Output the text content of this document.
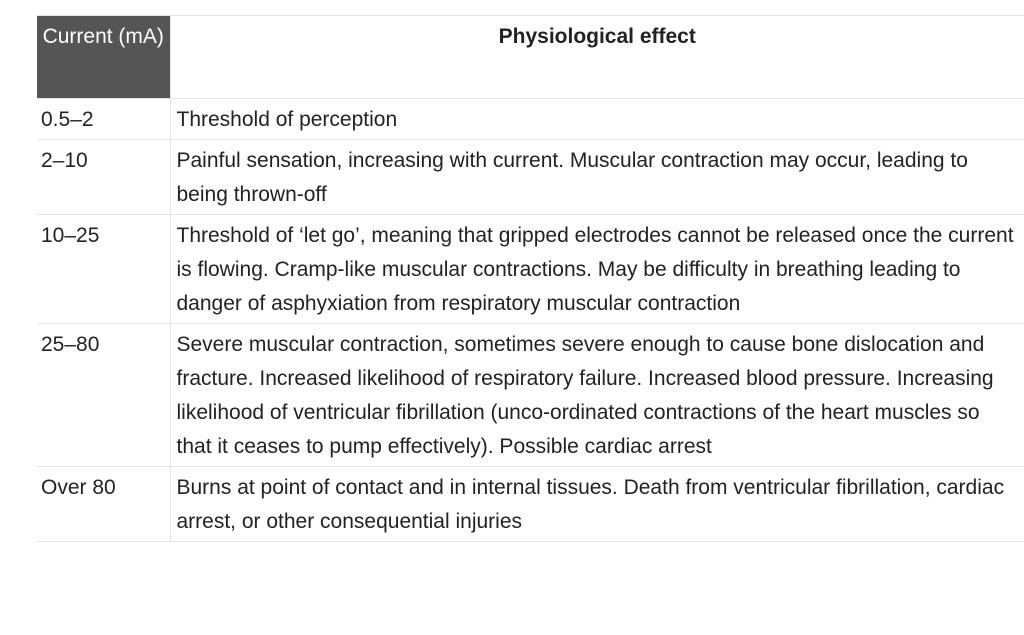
Current (mA)	Physiological effect
0.5–2	Threshold of perception
2–10	Painful sensation, increasing with current. Muscular contraction may occur, leading to being thrown-off
10–25	Threshold of ‘let go’, meaning that gripped electrodes cannot be released once the current is flowing. Cramp-like muscular contractions. May be difficulty in breathing leading to danger of asphyxiation from respiratory muscular contraction
25–80	Severe muscular contraction, sometimes severe enough to cause bone dislocation and fracture. Increased likelihood of respiratory failure. Increased blood pressure. Increasing likelihood of ventricular fibrillation (unco-ordinated contractions of the heart muscles so that it ceases to pump effectively). Possible cardiac arrest
Over 80	Burns at point of contact and in internal tissues. Death from ventricular fibrillation, cardiac arrest, or other consequential injuries
